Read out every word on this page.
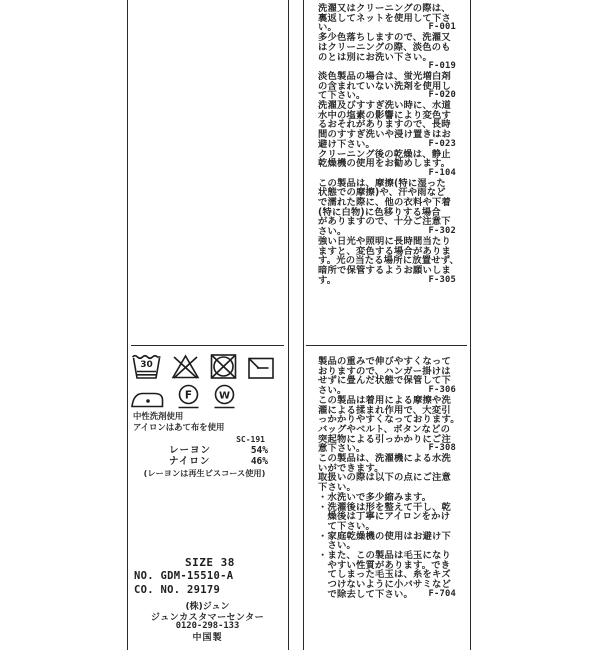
30
F	W
中性洗剤使用
アイロンはあて布を使用
SC-191
レーヨン	54%
ナイロン	46%
(レーヨンは再生ビスコース使用)
SIZE 38
NO. GDM-15510-A
CO. NO. 29179
(株)ジュン
ジュンカスタマーセンター
0120-298-133
中国製
洗濯又はクリーニングの際は、
裏返してネットを使用して下さ
い。	F-001
多少色落ちしますので、洗濯又
はクリーニングの際、淡色のも
のとは別にお洗い下さい。
F-019
淡色製品の場合は、蛍光増白剤
の含まれていない洗剤を使用し
て下さい。	F-020
洗濯及びすすぎ洗い時に、水道
水中の塩素の影響により変色す
るおそれがありますので、長時
間のすすぎ洗いや浸け置きはお
避け下さい。	F-023
クリーニング後の乾燥は、静止
乾燥機の使用をお勧めします。
F-104
この製品は、摩擦(特に湿った
状態での摩擦)や、汗や雨など
で濡れた際に、他の衣料や下着
(特に白物)に色移りする場合
がありますので、十分ご注意下
さい。	F-302
強い日光や照明に長時間当たり
ますと、変色する場合がありま
す。光の当たる場所に放置せず、
暗所で保管するようお願いしま
す。	F-305
製品の重みで伸びやすくなって
おりますので、ハンガー掛けは
せずに畳んだ状態で保管して下
さい。	F-306
この製品は着用による摩擦や洗
濯による揉まれ作用で、大変引
っかかりやすくなっております。
バッグやベルト、ボタンなどの
突起物による引っかかりにご注
意下さい。	F-308
この製品は、洗濯機による水洗
いができます。
取扱いの際は以下の点にご注意
下さい。
・水洗いで多少縮みます。
・洗濯後は形を整えて干し、乾
　燥後は丁寧にアイロンをかけ
　て下さい。
・家庭乾燥機の使用はお避け下
　さい。
・また、この製品は毛玉になり
　やすい性質があります。でき
　てしまった毛玉は、糸をキズ
　つけないように小バサミなど
　で除去して下さい。 F-704
